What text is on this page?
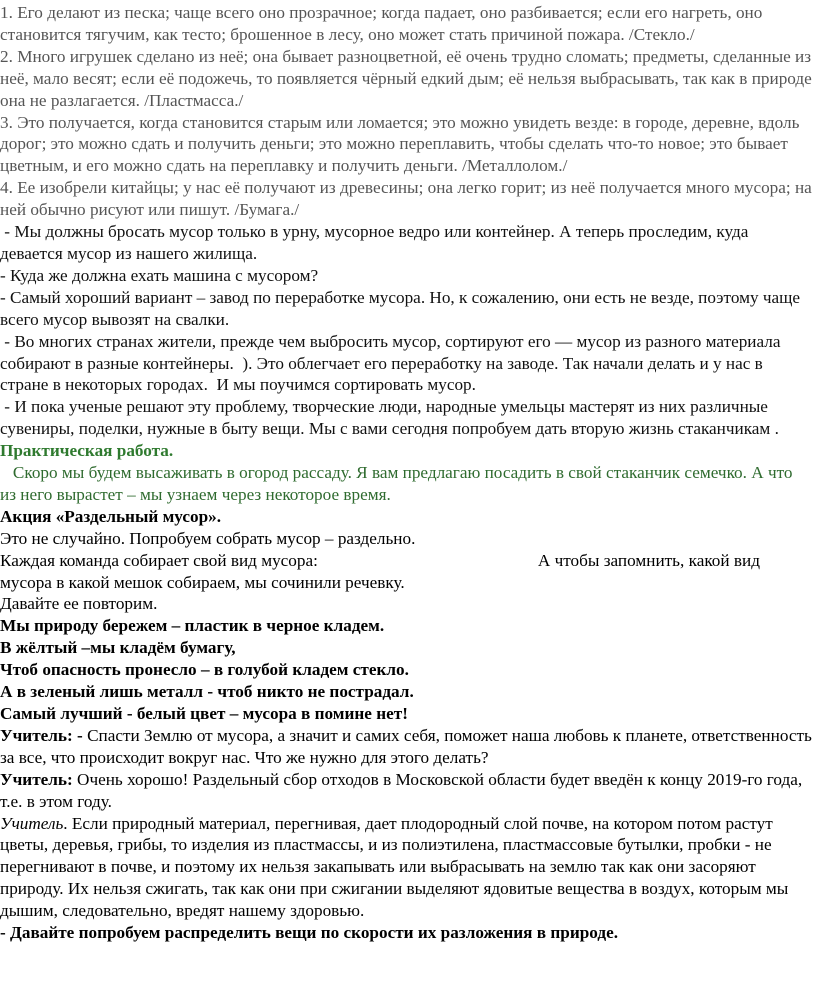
1. Его делают из песка; чаще всего оно прозрачное; когда падает, оно разбивается; если его нагреть, оно становится тягучим, как тесто; брошенное в лесу, оно может стать причиной пожара. /Стекло./

2. Много игрушек сделано из неё; она бывает разноцветной, её очень трудно сломать; предметы, сделанные из неё, мало весят; если её подожечь, то появляется чёрный едкий дым; её нельзя выбрасывать, так как в природе она не разлагается. /Пластмасса./

3. Это получается, когда становится старым или ломается; это можно увидеть везде: в городе, деревне, вдоль дорог; это можно сдать и получить деньги; это можно переплавить, чтобы сделать что-то новое; это бывает цветным, и его можно сдать на переплавку и получить деньги. /Металлолом./

4. Ее изобрели китайцы; у нас её получают из древесины; она легко горит; из неё получается много мусора; на ней обычно рисуют или пишут. /Бумага./

- Мы должны бросать мусор только в урну, мусорное ведро или контейнер. А теперь проследим, куда девается мусор из нашего жилища.

- Куда же должна ехать машина с мусором?

- Самый хороший вариант – завод по переработке мусора. Но, к сожалению, они есть не везде, поэтому чаще всего мусор вывозят на свалки.

- Во многих странах жители, прежде чем выбросить мусор, сортируют его — мусор из разного материала собирают в разные контейнеры.  ). Это облегчает его переработку на заводе. Так начали делать и у нас в стране в некоторых городах.  И мы поучимся сортировать мусор.

- И пока ученые решают эту проблему, творческие люди, народные умельцы мастерят из них различные сувениры, поделки, нужные в быту вещи. Мы с вами сегодня попробуем дать вторую жизнь стаканчикам .

Практическая работа.

Скоро мы будем высаживать в огород рассаду. Я вам предлагаю посадить в свой стаканчик семечко. А что из него вырастет – мы узнаем через некоторое время.

Акция «Раздельный мусор».

Это не случайно. Попробуем собрать мусор – раздельно.

Каждая команда собирает свой вид мусора:	А чтобы запомнить, какой вид мусора в какой мешок собираем, мы сочинили речевку.

Давайте ее повторим.

Мы природу бережем – пластик в черное кладем.

В жёлтый –мы кладём бумагу,

Чтоб опасность пронесло – в голубой кладем стекло.

А в зеленый лишь металл - чтоб никто не пострадал.

Самый лучший - белый цвет – мусора в помине нет!

Учитель: - Спасти Землю от мусора, а значит и самих себя, поможет наша любовь к планете, ответственность за все, что происходит вокруг нас. Что же нужно для этого делать?

Учитель: Очень хорошо! Раздельный сбор отходов в Московской области будет введён к концу 2019-го года, т.е. в этом году.

Учитель. Если природный материал, перегнивая, дает плодородный слой почве, на котором потом растут цветы, деревья, грибы, то изделия из пластмассы, и из полиэтилена, пластмассовые бутылки, пробки - не перегнивают в почве, и поэтому их нельзя закапывать или выбрасывать на землю так как они засоряют природу. Их нельзя сжигать, так как они при сжигании выделяют ядовитые вещества в воздух, которым мы дышим, следовательно, вредят нашему здоровью.

- Давайте попробуем распределить вещи по скорости их разложения в природе.
